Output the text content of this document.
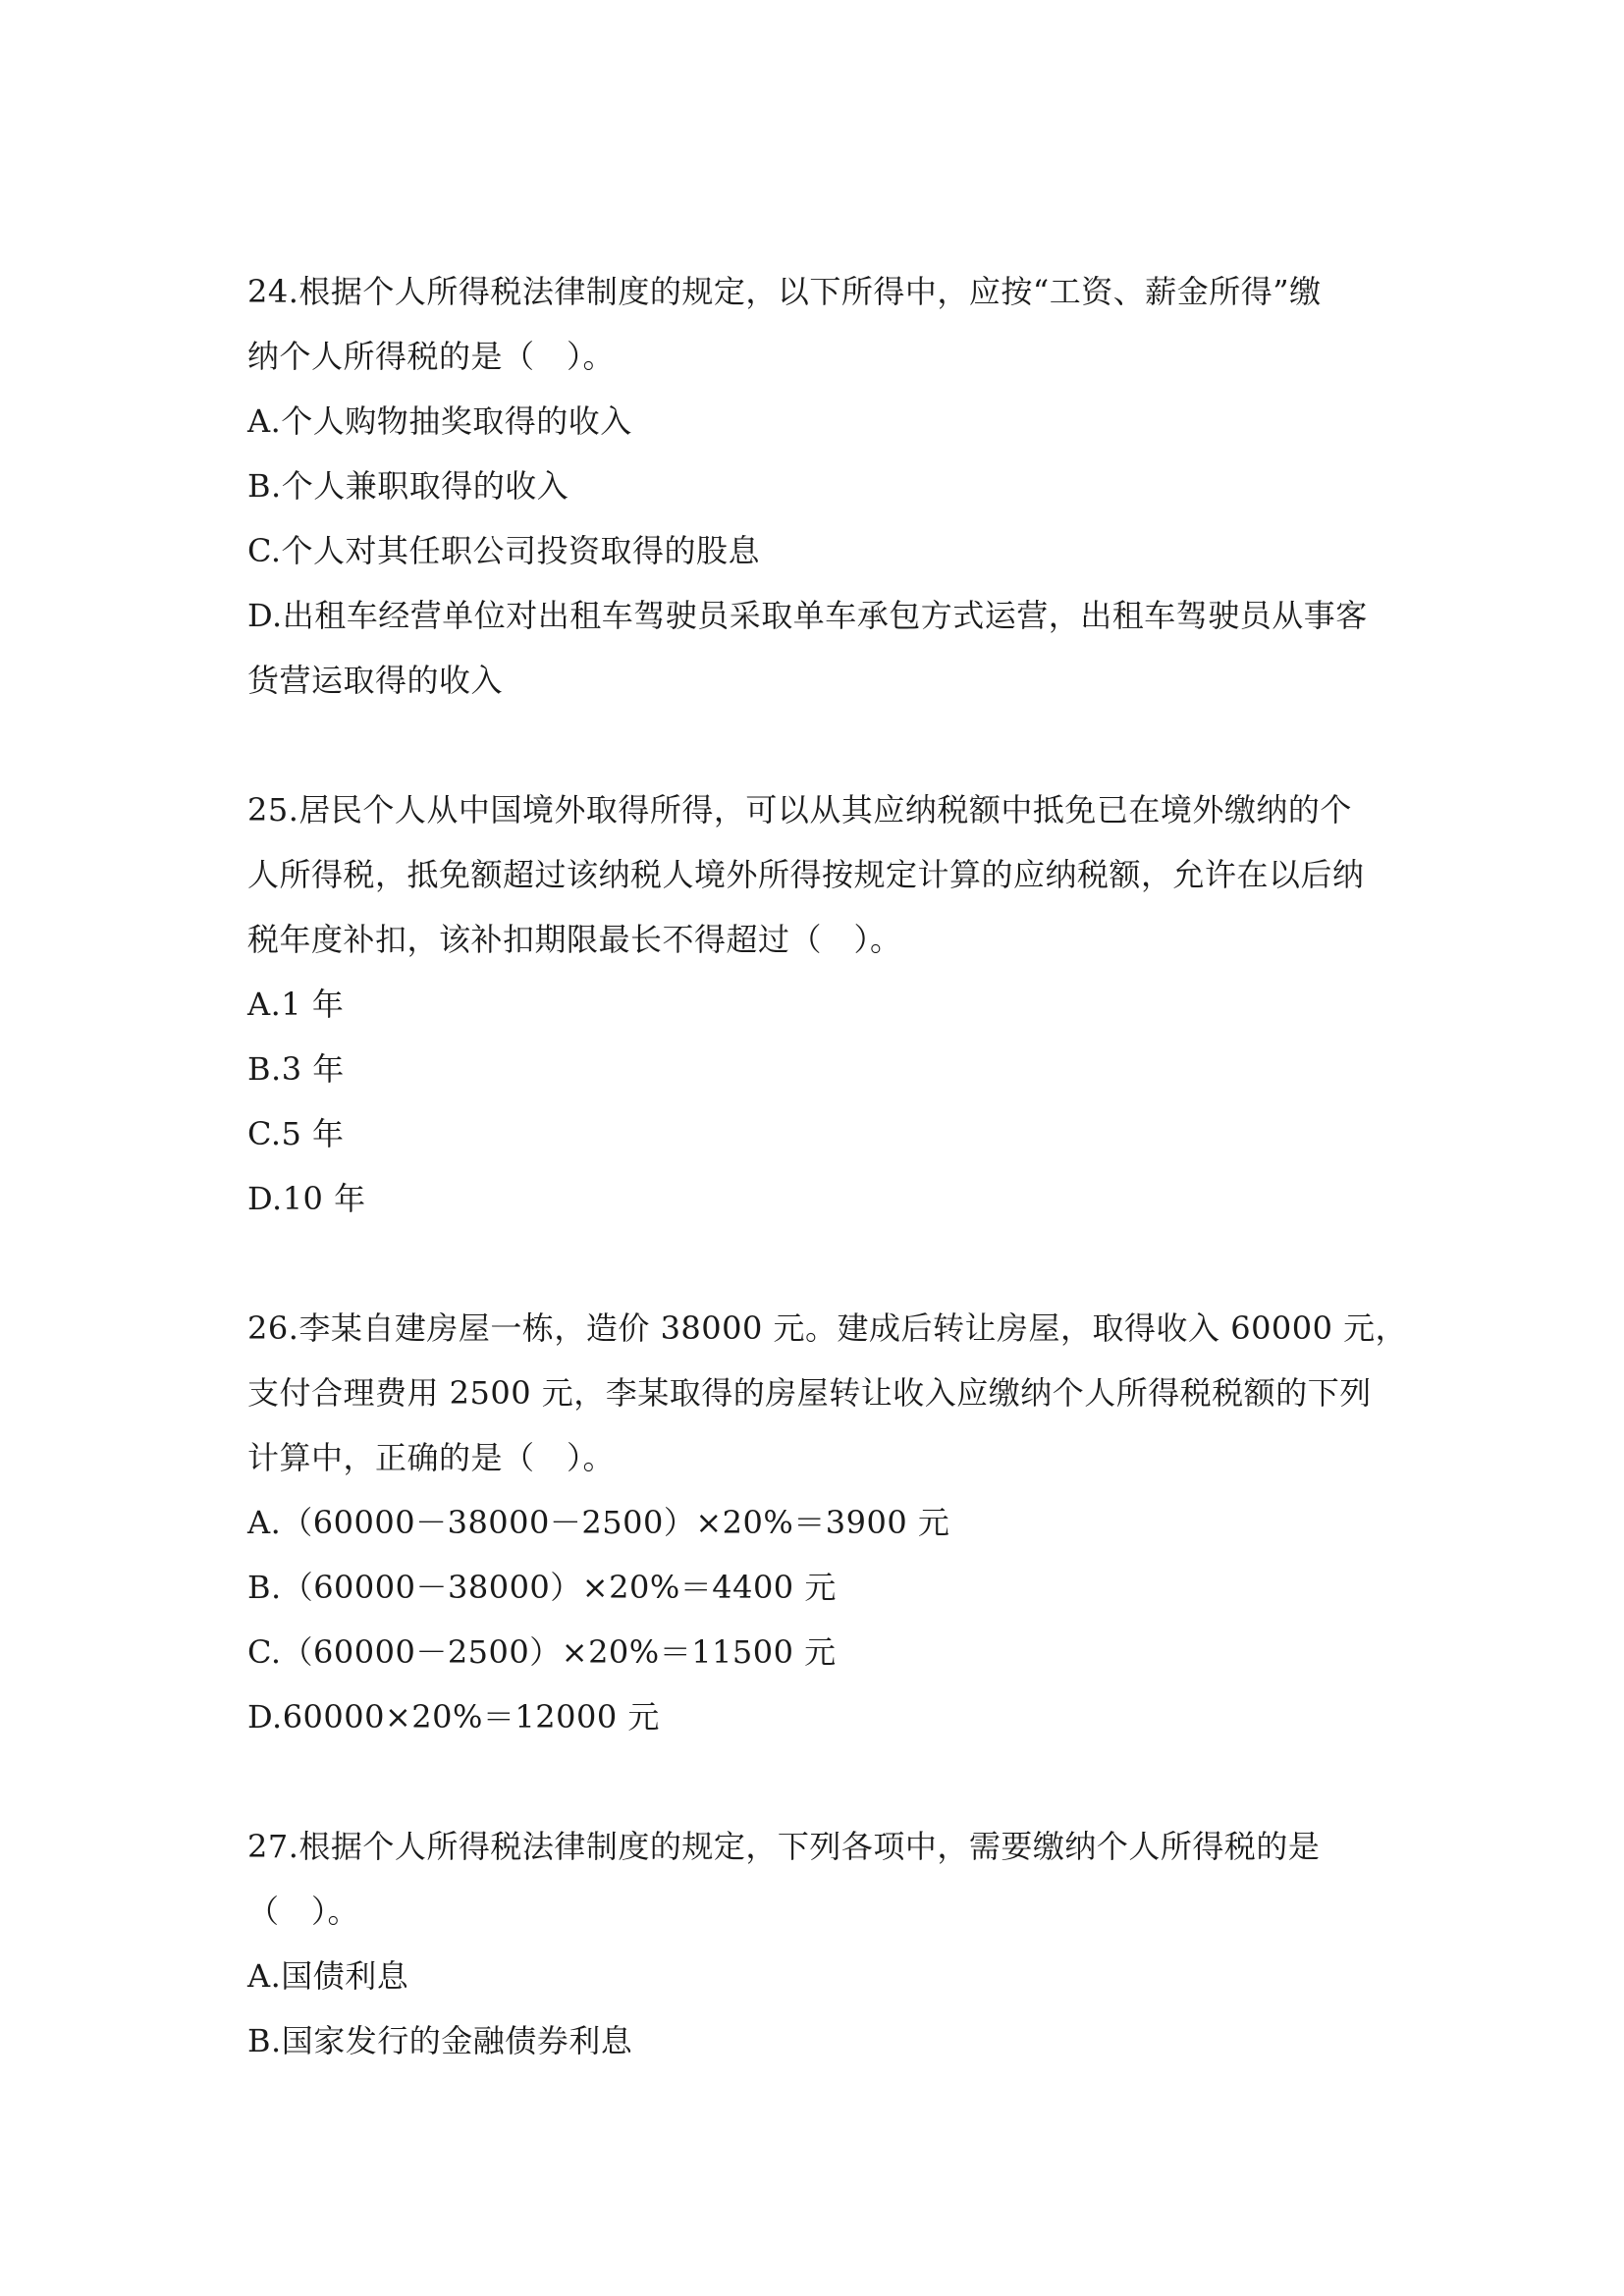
24.根据个人所得税法律制度的规定，以下所得中，应按“工资、薪金所得”缴
纳个人所得税的是（　）。
A.个人购物抽奖取得的收入
B.个人兼职取得的收入
C.个人对其任职公司投资取得的股息
D.出租车经营单位对出租车驾驶员采取单车承包方式运营，出租车驾驶员从事客
货营运取得的收入
25.居民个人从中国境外取得所得，可以从其应纳税额中抵免已在境外缴纳的个
人所得税，抵免额超过该纳税人境外所得按规定计算的应纳税额，允许在以后纳
税年度补扣，该补扣期限最长不得超过（　）。
A.1 年
B.3 年
C.5 年
D.10 年
26.李某自建房屋一栋，造价 38000 元。建成后转让房屋，取得收入 60000 元，
支付合理费用 2500 元，李某取得的房屋转让收入应缴纳个人所得税税额的下列
计算中，正确的是（　）。
A.（60000－38000－2500）×20%＝3900 元
B.（60000－38000）×20%＝4400 元
C.（60000－2500）×20%＝11500 元
D.60000×20%＝12000 元
27.根据个人所得税法律制度的规定，下列各项中，需要缴纳个人所得税的是
（　）。
A.国债利息
B.国家发行的金融债券利息
